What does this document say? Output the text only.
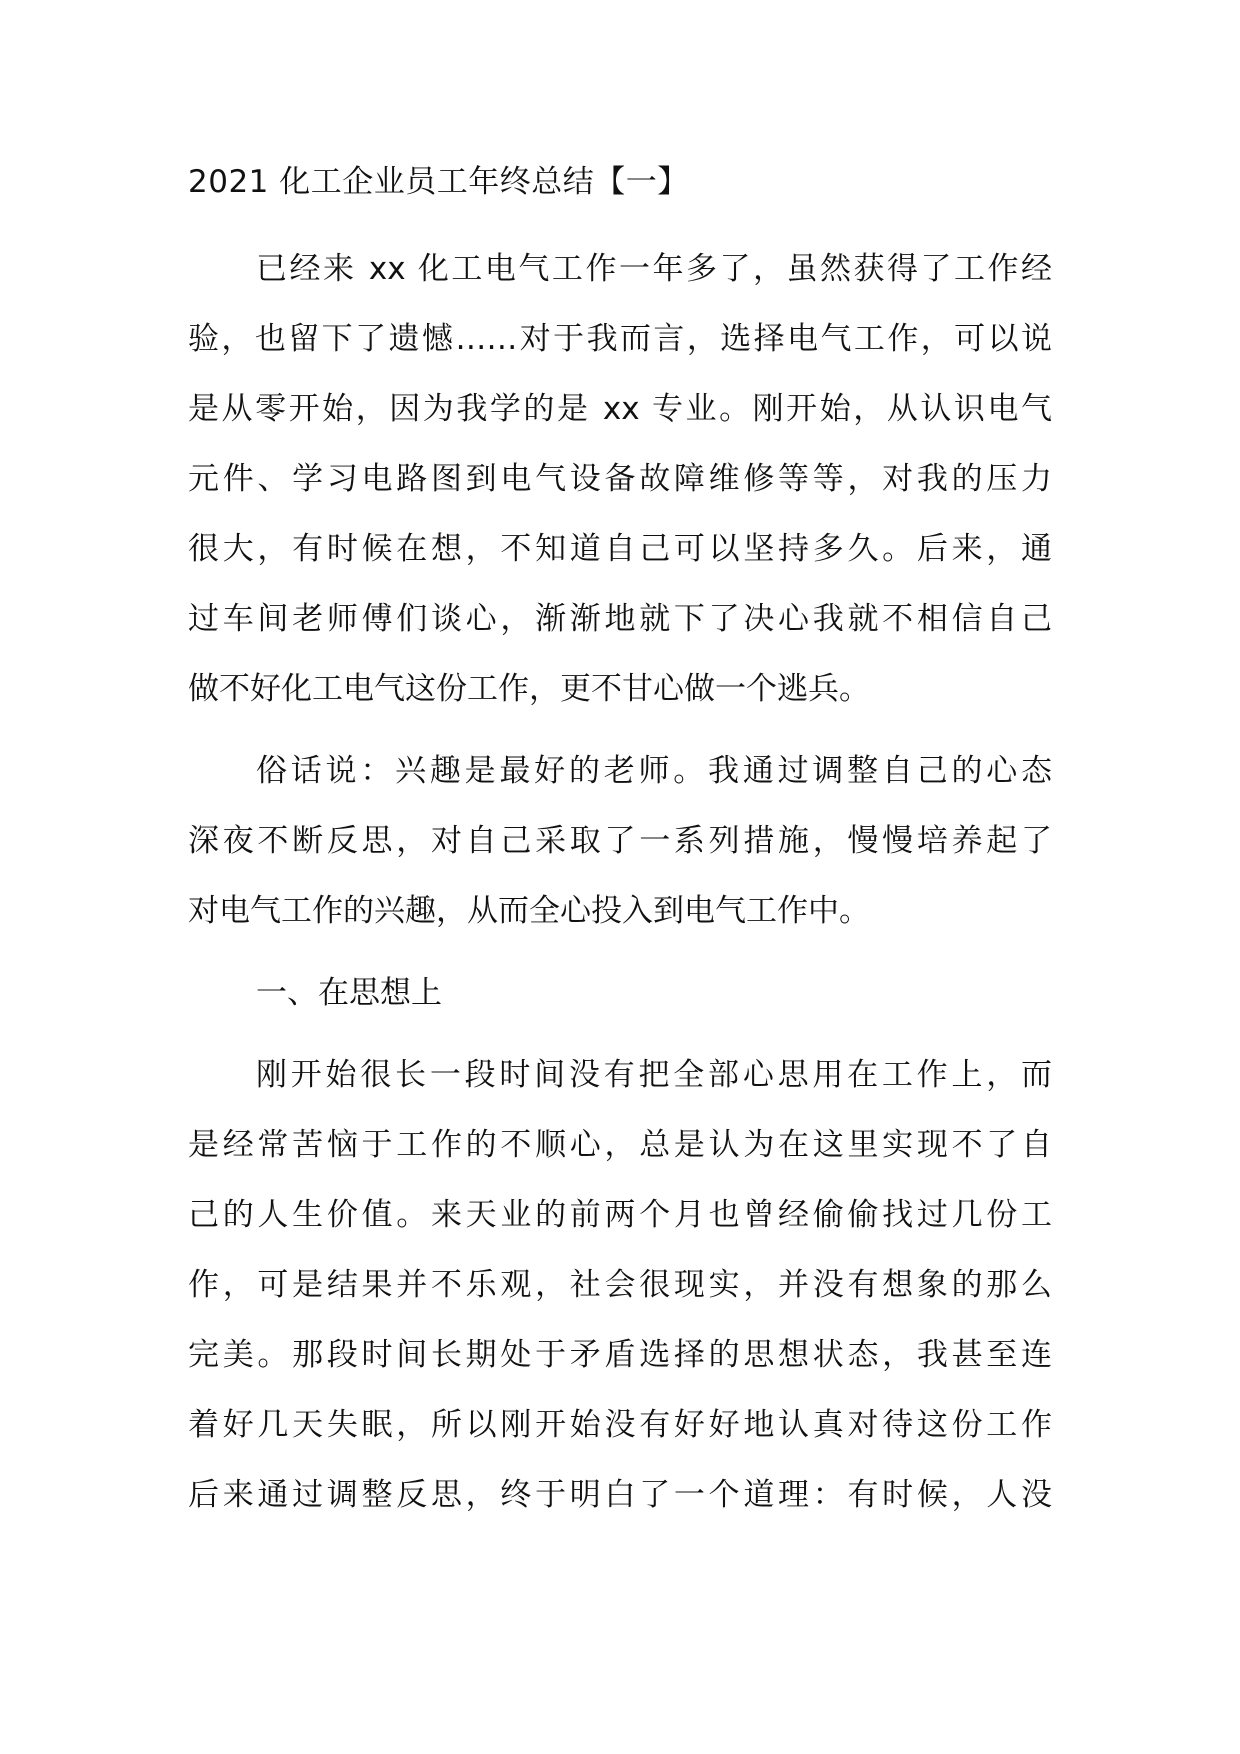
2021 化工企业员工年终总结【一】
已经来 xx 化工电气工作一年多了，虽然获得了工作经
验，也留下了遗憾……对于我而言，选择电气工作，可以说
是从零开始，因为我学的是 xx 专业。刚开始，从认识电气
元件、学习电路图到电气设备故障维修等等，对我的压力
很大，有时候在想，不知道自己可以坚持多久。后来，通
过车间老师傅们谈心，渐渐地就下了决心我就不相信自己
做不好化工电气这份工作，更不甘心做一个逃兵。
俗话说：兴趣是最好的老师。我通过调整自己的心态
深夜不断反思，对自己采取了一系列措施，慢慢培养起了
对电气工作的兴趣，从而全心投入到电气工作中。
一、在思想上
刚开始很长一段时间没有把全部心思用在工作上，而
是经常苦恼于工作的不顺心，总是认为在这里实现不了自
己的人生价值。来天业的前两个月也曾经偷偷找过几份工
作，可是结果并不乐观，社会很现实，并没有想象的那么
完美。那段时间长期处于矛盾选择的思想状态，我甚至连
着好几天失眠，所以刚开始没有好好地认真对待这份工作
后来通过调整反思，终于明白了一个道理：有时候，人没
